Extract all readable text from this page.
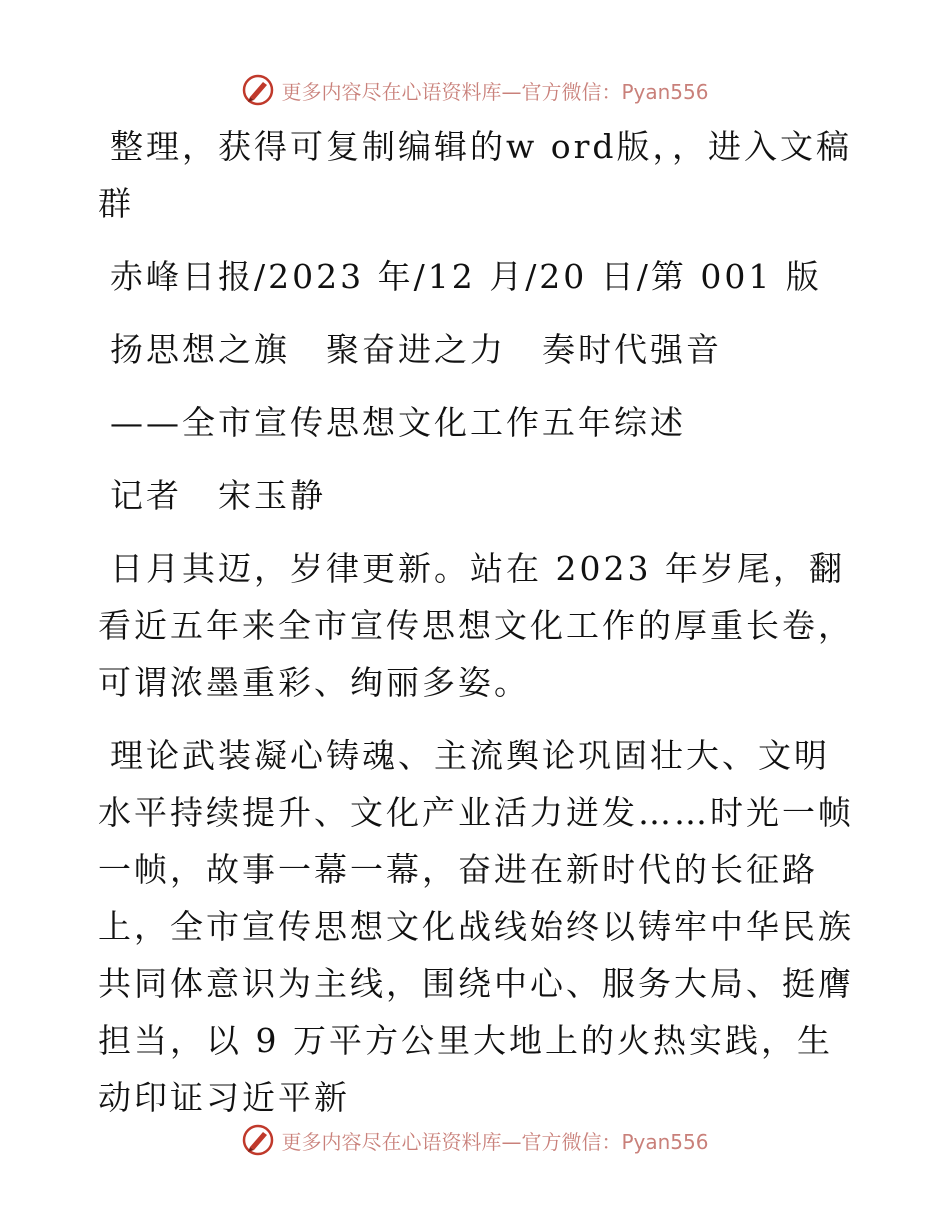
更多内容尽在心语资料库—官方微信：Pyan556

整理，获得可复制编辑的w ord版，，进入文稿群

赤峰日报/2023 年/12 月/20 日/第 001 版

扬思想之旗　聚奋进之力　奏时代强音

——全市宣传思想文化工作五年综述

记者　宋玉静

日月其迈，岁律更新。站在 2023 年岁尾，翻看近五年来全市宣传思想文化工作的厚重长卷，可谓浓墨重彩、绚丽多姿。

理论武装凝心铸魂、主流舆论巩固壮大、文明水平持续提升、文化产业活力迸发……时光一帧一帧，故事一幕一幕，奋进在新时代的长征路上，全市宣传思想文化战线始终以铸牢中华民族共同体意识为主线，围绕中心、服务大局、挺膺担当，以 9 万平方公里大地上的火热实践，生动印证习近平新

更多内容尽在心语资料库—官方微信：Pyan556
